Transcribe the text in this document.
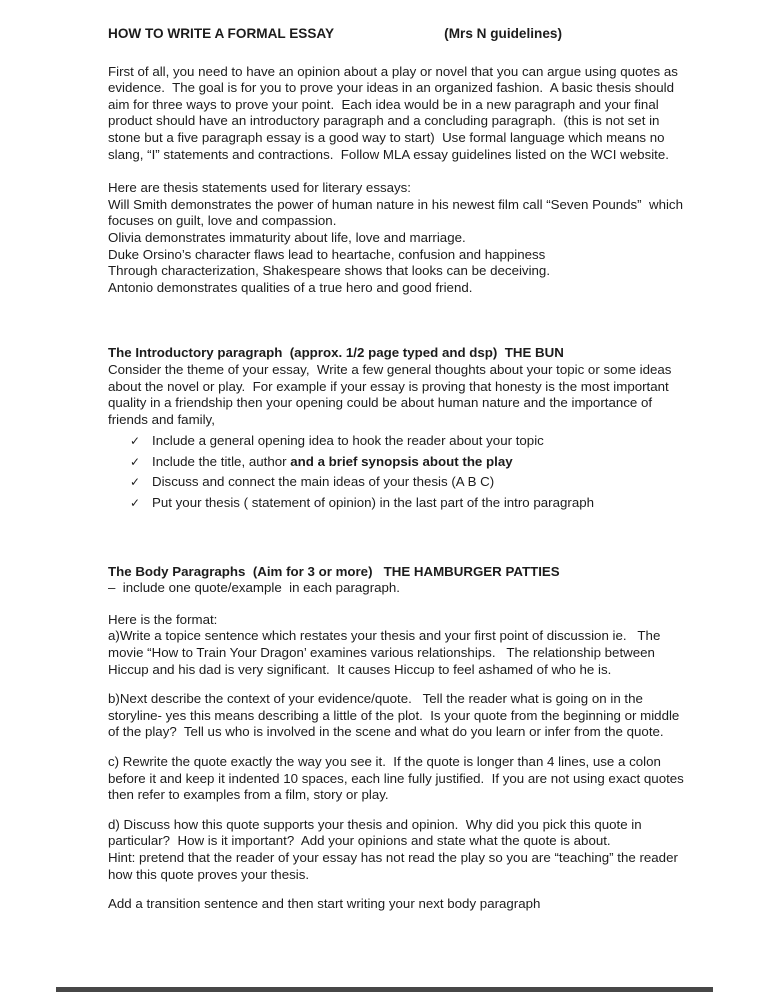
HOW TO WRITE A FORMAL ESSAY	(Mrs N guidelines)

First of all, you need to have an opinion about a play or novel that you can argue using quotes as evidence.  The goal is for you to prove your ideas in an organized fashion.  A basic thesis should aim for three ways to prove your point.  Each idea would be in a new paragraph and your final product should have an introductory paragraph and a concluding paragraph.  (this is not set in stone but a five paragraph essay is a good way to start)  Use formal language which means no slang, “I” statements and contractions.  Follow MLA essay guidelines listed on the WCI website.

Here are thesis statements used for literary essays:
Will Smith demonstrates the power of human nature in his newest film call “Seven Pounds”  which focuses on guilt, love and compassion.
Olivia demonstrates immaturity about life, love and marriage.
Duke Orsino’s character flaws lead to heartache, confusion and happiness
Through characterization, Shakespeare shows that looks can be deceiving.
Antonio demonstrates qualities of a true hero and good friend.
The Introductory paragraph  (approx. 1/2 page typed and dsp)  THE BUN
Consider the theme of your essay,  Write a few general thoughts about your topic or some ideas about the novel or play.  For example if your essay is proving that honesty is the most important quality in a friendship then your opening could be about human nature and the importance of friends and family,
✓ Include a general opening idea to hook the reader about your topic
✓ Include the title, author and a brief synopsis about the play
✓ Discuss and connect the main ideas of your thesis (A B C)
✓ Put your thesis ( statement of opinion) in the last part of the intro paragraph
The Body Paragraphs  (Aim for 3 or more)   THE HAMBURGER PATTIES
–  include one quote/example  in each paragraph.
Here is the format:

a)Write a topice sentence which restates your thesis and your first point of discussion ie.   The movie “How to Train Your Dragon’ examines various relationships.   The relationship between Hiccup and his dad is very significant.  It causes Hiccup to feel ashamed of who he is.

b)Next describe the context of your evidence/quote.   Tell the reader what is going on in the storyline- yes this means describing a little of the plot.  Is your quote from the beginning or middle of the play?  Tell us who is involved in the scene and what do you learn or infer from the quote.

c) Rewrite the quote exactly the way you see it.  If the quote is longer than 4 lines, use a colon before it and keep it indented 10 spaces, each line fully justified.  If you are not using exact quotes then refer to examples from a film, story or play.

d) Discuss how this quote supports your thesis and opinion.  Why did you pick this quote in particular?  How is it important?  Add your opinions and state what the quote is about.

Hint: pretend that the reader of your essay has not read the play so you are “teaching” the reader how this quote proves your thesis.

Add a transition sentence and then start writing your next body paragraph
